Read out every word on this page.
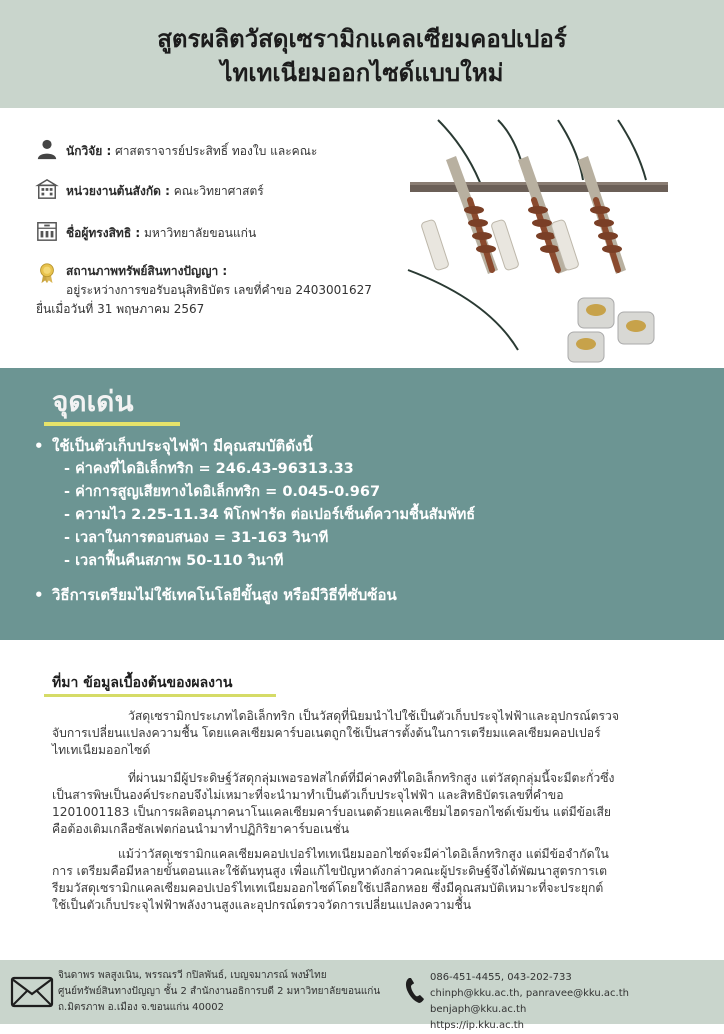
สูตรผลิตวัสดุเซรามิกแคลเซียมคอปเปอร์
ไทเทเนียมออกไซด์แบบใหม่
นักวิจัย : ศาสตราจารย์ประสิทธิ์ ทองใบ และคณะ
หน่วยงานต้นสังกัด : คณะวิทยาศาสตร์
ชื่อผู้ทรงสิทธิ : มหาวิทยาลัยขอนแก่น
สถานภาพทรัพย์สินทางปัญญา :
อยู่ระหว่างการขอรับอนุสิทธิบัตร เลขที่คำขอ 2403001627
ยื่นเมื่อวันที่ 31 พฤษภาคม 2567
จุดเด่น
• ใช้เป็นตัวเก็บประจุไฟฟ้า มีคุณสมบัติดังนี้
- ค่าคงที่ไดอิเล็กทริก = 246.43-96313.33
- ค่าการสูญเสียทางไดอิเล็กทริก = 0.045-0.967
- ความไว 2.25-11.34 พิโกฟารัด ต่อเปอร์เซ็นต์ความชื้นสัมพัทธ์
- เวลาในการตอบสนอง = 31-163 วินาที
- เวลาฟื้นคืนสภาพ 50-110 วินาที
• วิธีการเตรียมไม่ใช้เทคโนโลยีขั้นสูง หรือมีวิธีที่ซับซ้อน
ที่มา ข้อมูลเบื้องต้นของผลงาน
วัสดุเซรามิกประเภทไดอิเล็กทริก เป็นวัสดุที่นิยมนำไปใช้เป็นตัวเก็บประจุไฟฟ้าและอุปกรณ์ตรวจ
จับการเปลี่ยนแปลงความชื้น โดยแคลเซียมคาร์บอเนตถูกใช้เป็นสารตั้งต้นในการเตรียมแคลเซียมคอปเปอร์
ไทเทเนียมออกไซด์
ที่ผ่านมามีผู้ประดิษฐ์วัสดุกลุ่มเพอรอฟสไกต์ที่มีค่าคงที่ไดอิเล็กทริกสูง แต่วัสดุกลุ่มนี้จะมีตะกั่วซึ่ง
เป็นสารพิษเป็นองค์ประกอบจึงไม่เหมาะที่จะนำมาทำเป็นตัวเก็บประจุไฟฟ้า และสิทธิบัตรเลขที่คำขอ
1201001183 เป็นการผลิตอนุภาคนาโนแคลเซียมคาร์บอเนตด้วยแคลเซียมไฮดรอกไซด์เข้มข้น แต่มีข้อเสีย
คือต้องเติมเกลือซัลเฟตก่อนนำมาทำปฏิกิริยาคาร์บอเนชั่น
แม้ว่าวัสดุเซรามิกแคลเซียมคอปเปอร์ไทเทเนียมออกไซด์จะมีค่าไดอิเล็กทริกสูง แต่มีข้อจำกัดใน
การ เตรียมคือมีหลายขั้นตอนและใช้ต้นทุนสูง เพื่อแก้ไขปัญหาดังกล่าวคณะผู้ประดิษฐ์จึงได้พัฒนาสูตรการเต
รียมวัสดุเซรามิกแคลเซียมคอปเปอร์ไทเทเนียมออกไซด์โดยใช้เปลือกหอย ซึ่งมีคุณสมบัติเหมาะที่จะประยุกต์
ใช้เป็นตัวเก็บประจุไฟฟ้าพลังงานสูงและอุปกรณ์ตรวจวัดการเปลี่ยนแปลงความชื้น
จินดาพร พลสูงเนิน, พรรณรวี กปิลพันธ์, เบญจมาภรณ์ พงษ์ไทย
ศูนย์ทรัพย์สินทางปัญญา ชั้น 2 สำนักงานอธิการบดี 2 มหาวิทยาลัยขอนแก่น
ถ.มิตรภาพ อ.เมือง จ.ขอนแก่น 40002
086-451-4455, 043-202-733
chinph@kku.ac.th, panravee@kku.ac.th benjaph@kku.ac.th
https://ip.kku.ac.th
